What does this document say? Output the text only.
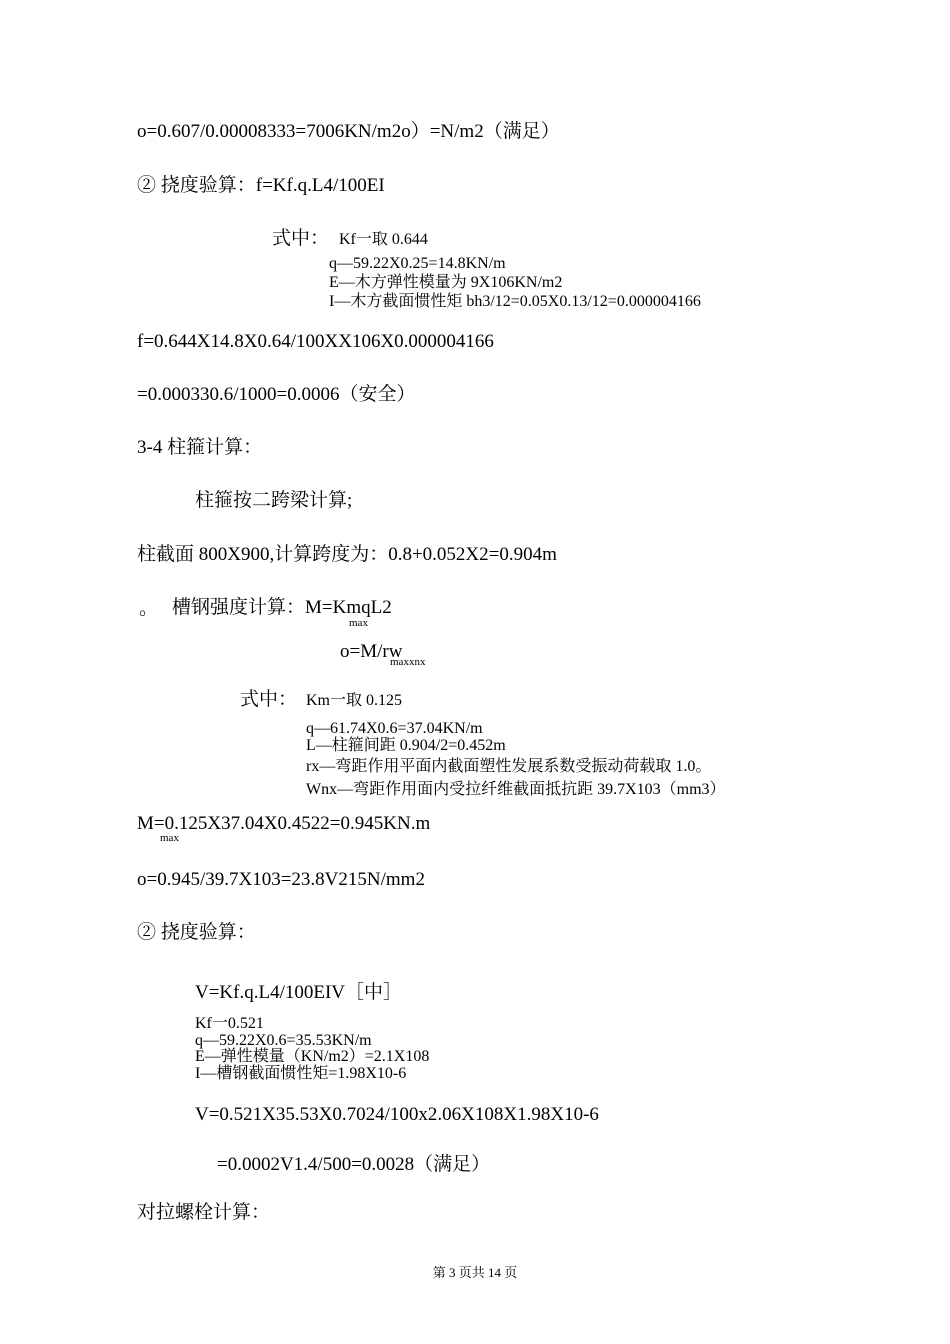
o=0.607/0.00008333=7006KN/m2o）=N/m2（满足）
② 挠度验算：f=Kf.q.L4/100EI
式中： Kf一取 0.644
q—59.22X0.25=14.8KN/m
E—木方弹性模量为 9X106KN/m2
I—木方截面惯性矩 bh3/12=0.05X0.13/12=0.000004166
f=0.644X14.8X0.64/100XX106X0.000004166
=0.000330.6/1000=0.0006（安全）
3-4 柱箍计算：
柱箍按二跨梁计算;
柱截面 800X900,计算跨度为：0.8+0.052X2=0.904m
。 槽钢强度计算：M=KmqL2
max
o=M/rw
maxxnx
式中： Km一取 0.125
q—61.74X0.6=37.04KN/m
L—柱箍间距 0.904/2=0.452m
rx—弯距作用平面内截面塑性发展系数受振动荷载取 1.0。
Wnx—弯距作用面内受拉纤维截面抵抗距 39.7X103（mm3）
M=0.125X37.04X0.4522=0.945KN.m
max
o=0.945/39.7X103=23.8V215N/mm2
② 挠度验算：
V=Kf.q.L4/100EIV［中］
Kf一0.521
q—59.22X0.6=35.53KN/m
E—弹性模量（KN/m2）=2.1X108
I—槽钢截面惯性矩=1.98X10-6
V=0.521X35.53X0.7024/100x2.06X108X1.98X10-6
=0.0002V1.4/500=0.0028（满足）
对拉螺栓计算：
第 3 页共 14 页
